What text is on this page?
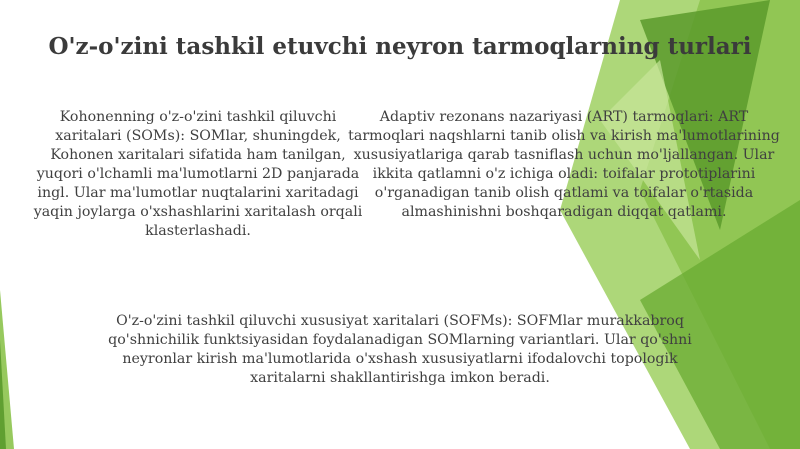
O'z-o'zini tashkil etuvchi neyron tarmoqlarning turlari
Kohonenning o'z-o'zini tashkil qiluvchi xaritalari (SOMs): SOMlar, shuningdek, Kohonen xaritalari sifatida ham tanilgan, yuqori o'lchamli ma'lumotlarni 2D panjarada ingl. Ular ma'lumotlar nuqtalarini xaritadagi yaqin joylarga o'xshashlarini xaritalash orqali klasterlashadi.
Adaptiv rezonans nazariyasi (ART) tarmoqlari: ART tarmoqlari naqshlarni tanib olish va kirish ma'lumotlarining xususiyatlariga qarab tasniflash uchun mo'ljallangan. Ular ikkita qatlamni o'z ichiga oladi: toifalar prototiplarini o'rganadigan tanib olish qatlami va toifalar o'rtasida almashinishni boshqaradigan diqqat qatlami.
O'z-o'zini tashkil qiluvchi xususiyat xaritalari (SOFMs): SOFMlar murakkabroq qo'shnichilik funktsiyasidan foydalanadigan SOMlarning variantlari. Ular qo'shni neyronlar kirish ma'lumotlarida o'xshash xususiyatlarni ifodalovchi topologik xaritalarni shakllantirishga imkon beradi.
